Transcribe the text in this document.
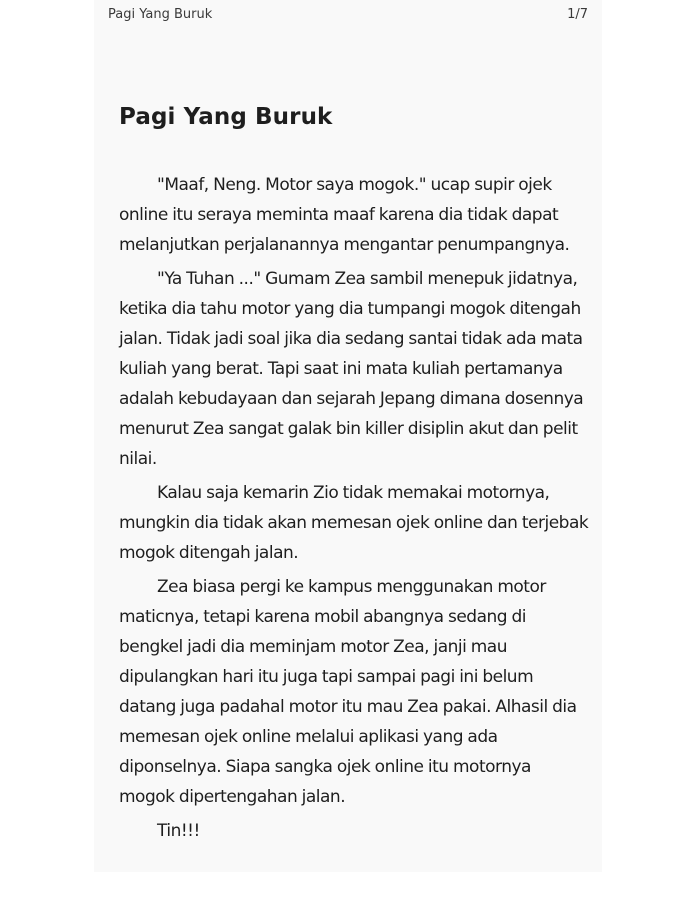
Pagi Yang Buruk	1/7
Pagi Yang Buruk

"Maaf, Neng. Motor saya mogok." ucap supir ojek online itu seraya meminta maaf karena dia tidak dapat melanjutkan perjalanannya mengantar penumpangnya.

"Ya Tuhan ..." Gumam Zea sambil menepuk jidatnya, ketika dia tahu motor yang dia tumpangi mogok ditengah jalan. Tidak jadi soal jika dia sedang santai tidak ada mata kuliah yang berat. Tapi saat ini mata kuliah pertamanya adalah kebudayaan dan sejarah Jepang dimana dosennya menurut Zea sangat galak bin killer disiplin akut dan pelit nilai.

Kalau saja kemarin Zio tidak memakai motornya, mungkin dia tidak akan memesan ojek online dan terjebak mogok ditengah jalan.

Zea biasa pergi ke kampus menggunakan motor maticnya, tetapi karena mobil abangnya sedang di bengkel jadi dia meminjam motor Zea, janji mau dipulangkan hari itu juga tapi sampai pagi ini belum datang juga padahal motor itu mau Zea pakai. Alhasil dia memesan ojek online melalui aplikasi yang ada diponselnya. Siapa sangka ojek online itu motornya mogok dipertengahan jalan.

Tin!!!
